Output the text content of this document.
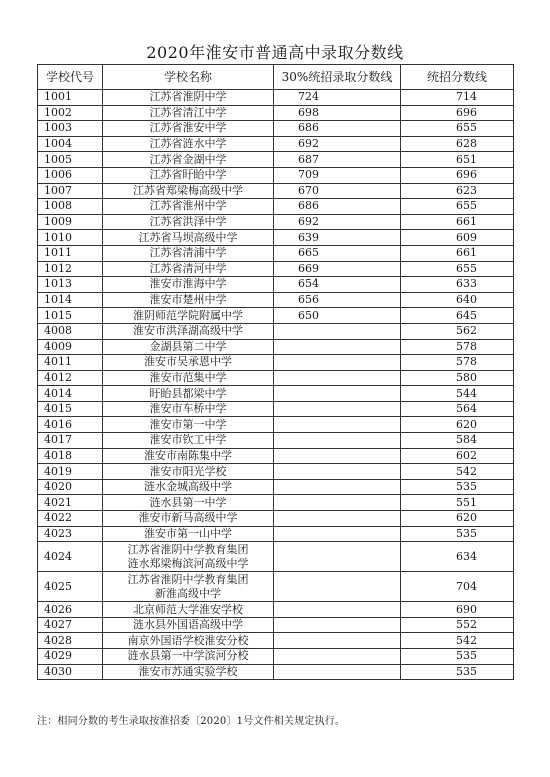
2020年淮安市普通高中录取分数线
学校代号	学校名称	30%统招录取分数线	统招分数线
1001	江苏省淮阴中学	724	714
1002	江苏省清江中学	698	696
1003	江苏省淮安中学	686	655
1004	江苏省涟水中学	692	628
1005	江苏省金湖中学	687	651
1006	江苏省盱眙中学	709	696
1007	江苏省郑梁梅高级中学	670	623
1008	江苏省淮州中学	686	655
1009	江苏省洪泽中学	692	661
1010	江苏省马坝高级中学	639	609
1011	江苏省清浦中学	665	661
1012	江苏省清河中学	669	655
1013	淮安市淮海中学	654	633
1014	淮安市楚州中学	656	640
1015	淮阴师范学院附属中学	650	645
4008	淮安市洪泽湖高级中学		562
4009	金湖县第二中学		578
4011	淮安市吴承恩中学		578
4012	淮安市范集中学		580
4014	盱眙县都梁中学		544
4015	淮安市车桥中学		564
4016	淮安市第一中学		620
4017	淮安市钦工中学		584
4018	淮安市南陈集中学		602
4019	淮安市阳光学校		542
4020	涟水金城高级中学		535
4021	涟水县第一中学		551
4022	淮安市新马高级中学		620
4023	淮安市第一山中学		535
4024	江苏省淮阴中学教育集团
涟水郑梁梅滨河高级中学		634
4025	江苏省淮阴中学教育集团
新淮高级中学		704
4026	北京师范大学淮安学校		690
4027	涟水县外国语高级中学		552
4028	南京外国语学校淮安分校		542
4029	涟水县第一中学滨河分校		535
4030	淮安市苏通实验学校		535
注：相同分数的考生录取按淮招委〔2020〕1号文件相关规定执行。
